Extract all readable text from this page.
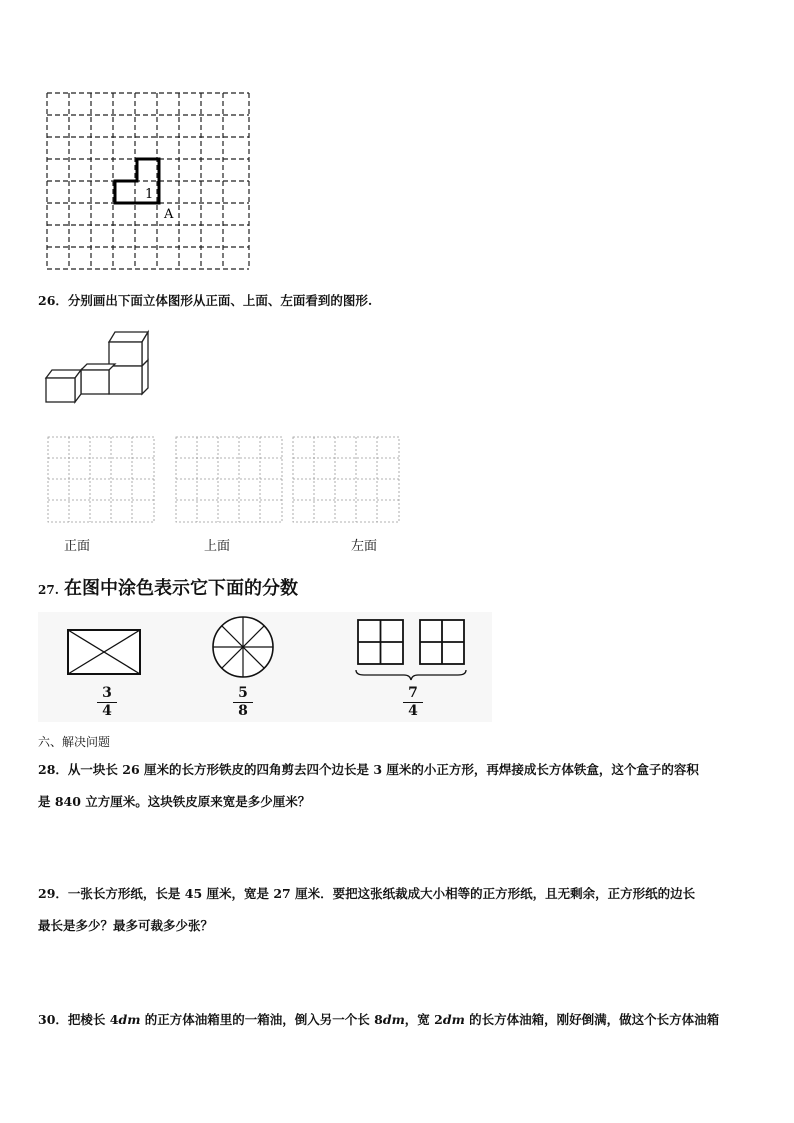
1
A
26．分别画出下面立体图形从正面、上面、左面看到的图形.
正面	上面	左面
27. 在图中涂色表示它下面的分数
3
4
5
8
7
4
六、解决问题
28．从一块长 26 厘米的长方形铁皮的四角剪去四个边长是 3 厘米的小正方形，再焊接成长方体铁盒，这个盒子的容积
是 840 立方厘米。这块铁皮原来宽是多少厘米？
29．一张长方形纸，长是 45 厘米，宽是 27 厘米．要把这张纸裁成大小相等的正方形纸，且无剩余，正方形纸的边长
最长是多少？最多可裁多少张？
30．把棱长 4dm 的正方体油箱里的一箱油，倒入另一个长 8dm，宽 2dm 的长方体油箱，刚好倒满，做这个长方体油箱
